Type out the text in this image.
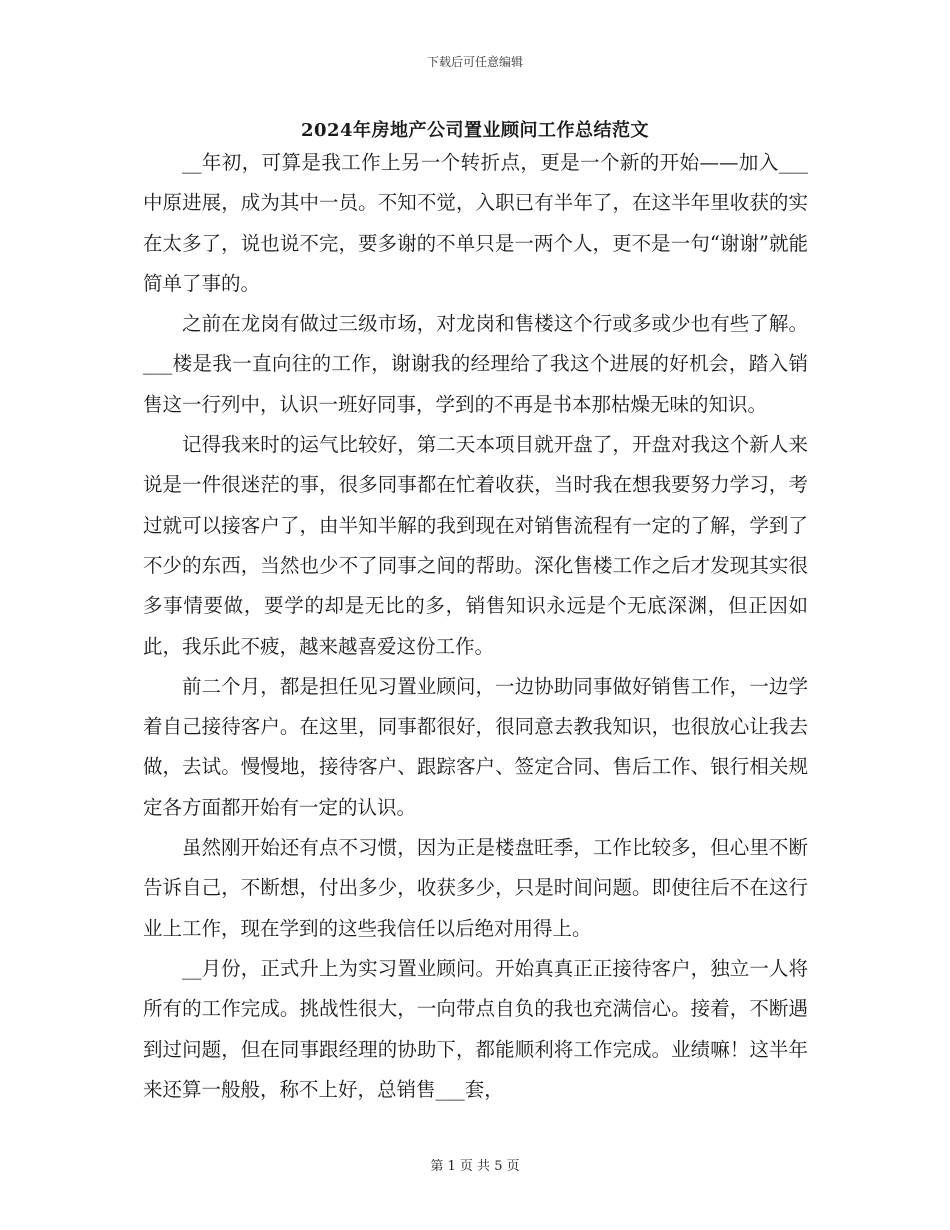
下载后可任意编辑
2024年房地产公司置业顾问工作总结范文

__年初，可算是我工作上另一个转折点，更是一个新的开始——加入___中原进展，成为其中一员。不知不觉，入职已有半年了，在这半年里收获的实在太多了，说也说不完，要多谢的不单只是一两个人，更不是一句“谢谢”就能简单了事的。

之前在龙岗有做过三级市场，对龙岗和售楼这个行或多或少也有些了解。___楼是我一直向往的工作，谢谢我的经理给了我这个进展的好机会，踏入销售这一行列中，认识一班好同事，学到的不再是书本那枯燥无味的知识。

记得我来时的运气比较好，第二天本项目就开盘了，开盘对我这个新人来说是一件很迷茫的事，很多同事都在忙着收获，当时我在想我要努力学习，考过就可以接客户了，由半知半解的我到现在对销售流程有一定的了解，学到了不少的东西，当然也少不了同事之间的帮助。深化售楼工作之后才发现其实很多事情要做，要学的却是无比的多，销售知识永远是个无底深渊，但正因如此，我乐此不疲，越来越喜爱这份工作。

前二个月，都是担任见习置业顾问，一边协助同事做好销售工作，一边学着自己接待客户。在这里，同事都很好，很同意去教我知识，也很放心让我去做，去试。慢慢地，接待客户、跟踪客户、签定合同、售后工作、银行相关规定各方面都开始有一定的认识。

虽然刚开始还有点不习惯，因为正是楼盘旺季，工作比较多，但心里不断告诉自己，不断想，付出多少，收获多少，只是时间问题。即使往后不在这行业上工作，现在学到的这些我信任以后绝对用得上。

__月份，正式升上为实习置业顾问。开始真真正正接待客户，独立一人将所有的工作完成。挑战性很大，一向带点自负的我也充满信心。接着，不断遇到过问题，但在同事跟经理的协助下，都能顺利将工作完成。业绩嘛！这半年来还算一般般，称不上好，总销售___套，

第 1 页 共 5 页
